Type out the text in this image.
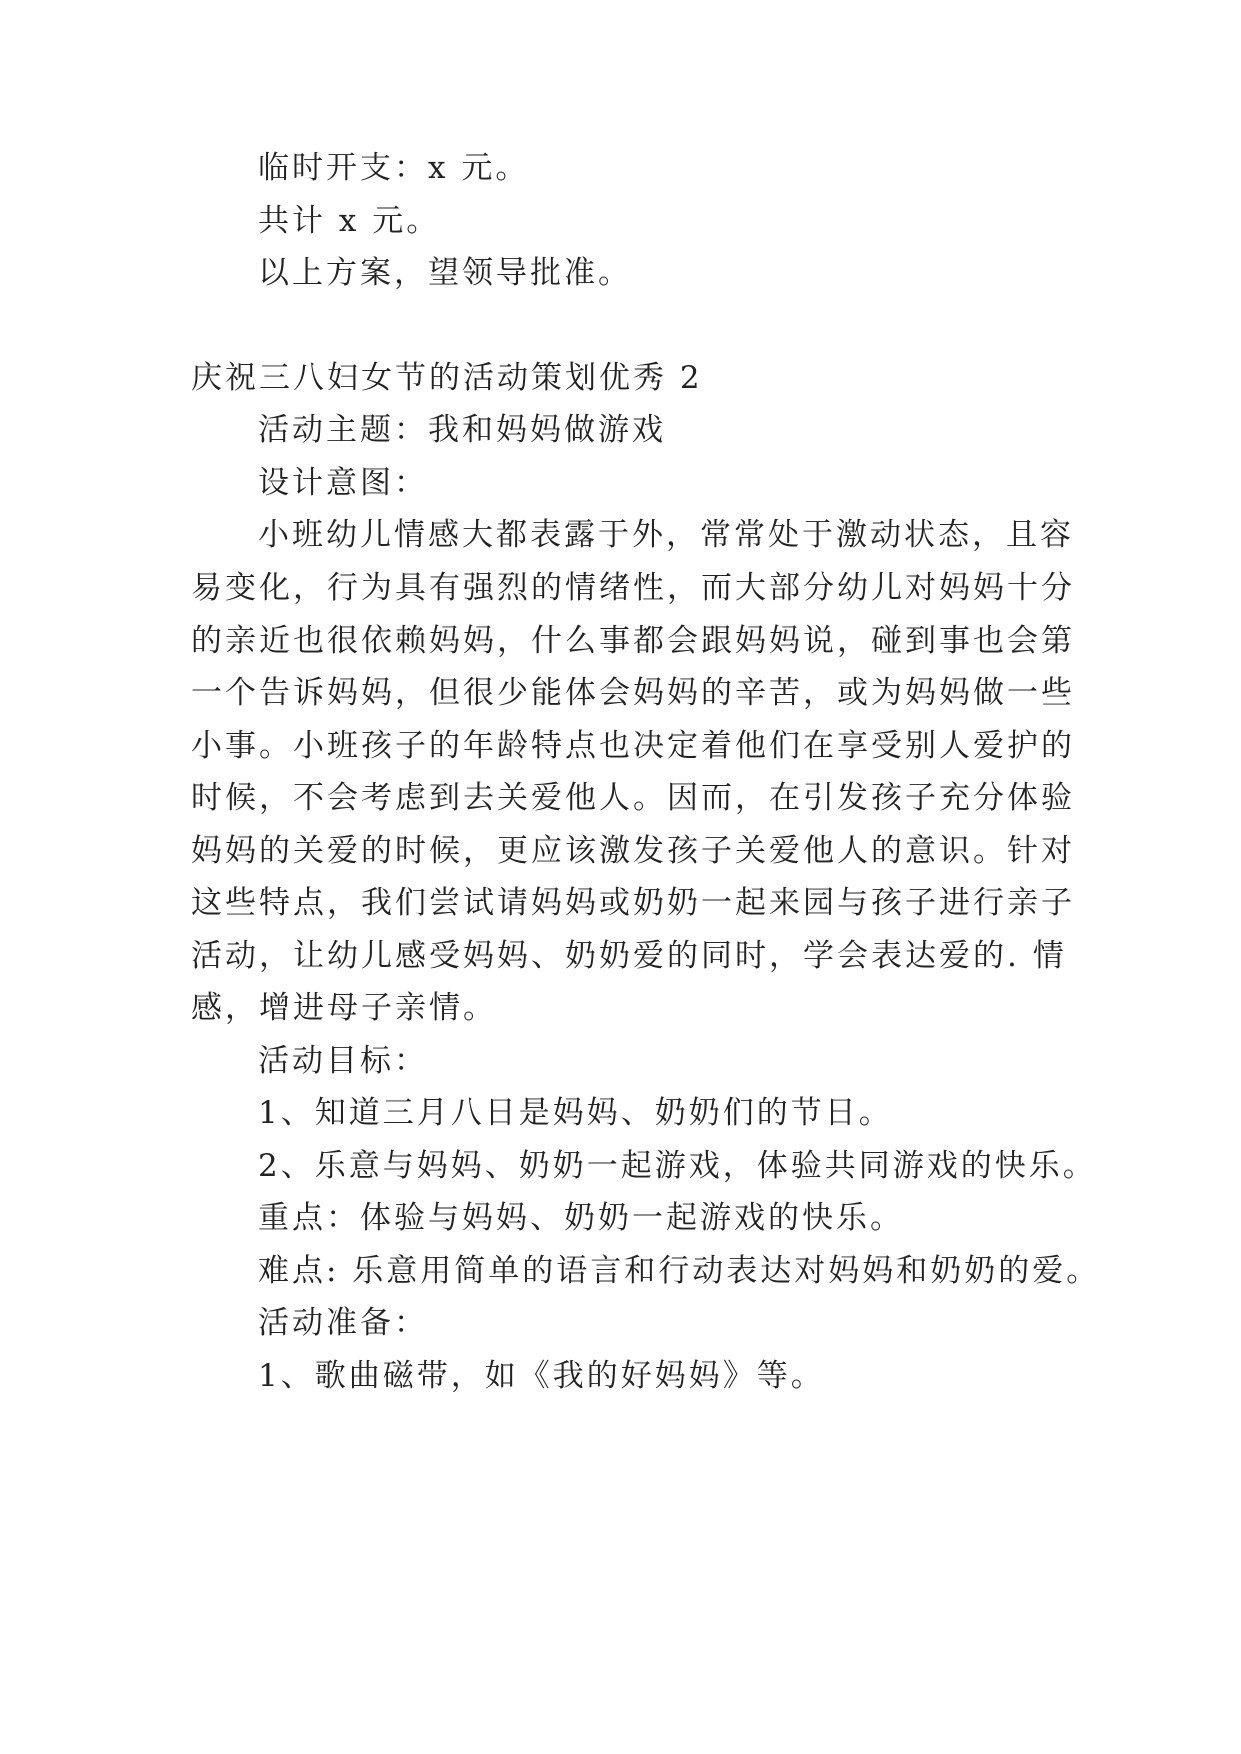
临时开支：x 元。
共计 x 元。
以上方案，望领导批准。
庆祝三八妇女节的活动策划优秀 2
活动主题：我和妈妈做游戏
设计意图：
小班幼儿情感大都表露于外，常常处于激动状态，且容
易变化，行为具有强烈的情绪性，而大部分幼儿对妈妈十分
的亲近也很依赖妈妈，什么事都会跟妈妈说，碰到事也会第
一个告诉妈妈，但很少能体会妈妈的辛苦，或为妈妈做一些
小事。小班孩子的年龄特点也决定着他们在享受别人爱护的
时候，不会考虑到去关爱他人。因而，在引发孩子充分体验
妈妈的关爱的时候，更应该激发孩子关爱他人的意识。针对
这些特点，我们尝试请妈妈或奶奶一起来园与孩子进行亲子
活动，让幼儿感受妈妈、奶奶爱的同时，学会表达爱的. 情
感，增进母子亲情。
活动目标：
1、知道三月八日是妈妈、奶奶们的节日。
2、乐意与妈妈、奶奶一起游戏，体验共同游戏的快乐。
重点：体验与妈妈、奶奶一起游戏的快乐。
难点: 乐意用简单的语言和行动表达对妈妈和奶奶的爱。
活动准备：
1、歌曲磁带，如《我的好妈妈》等。
